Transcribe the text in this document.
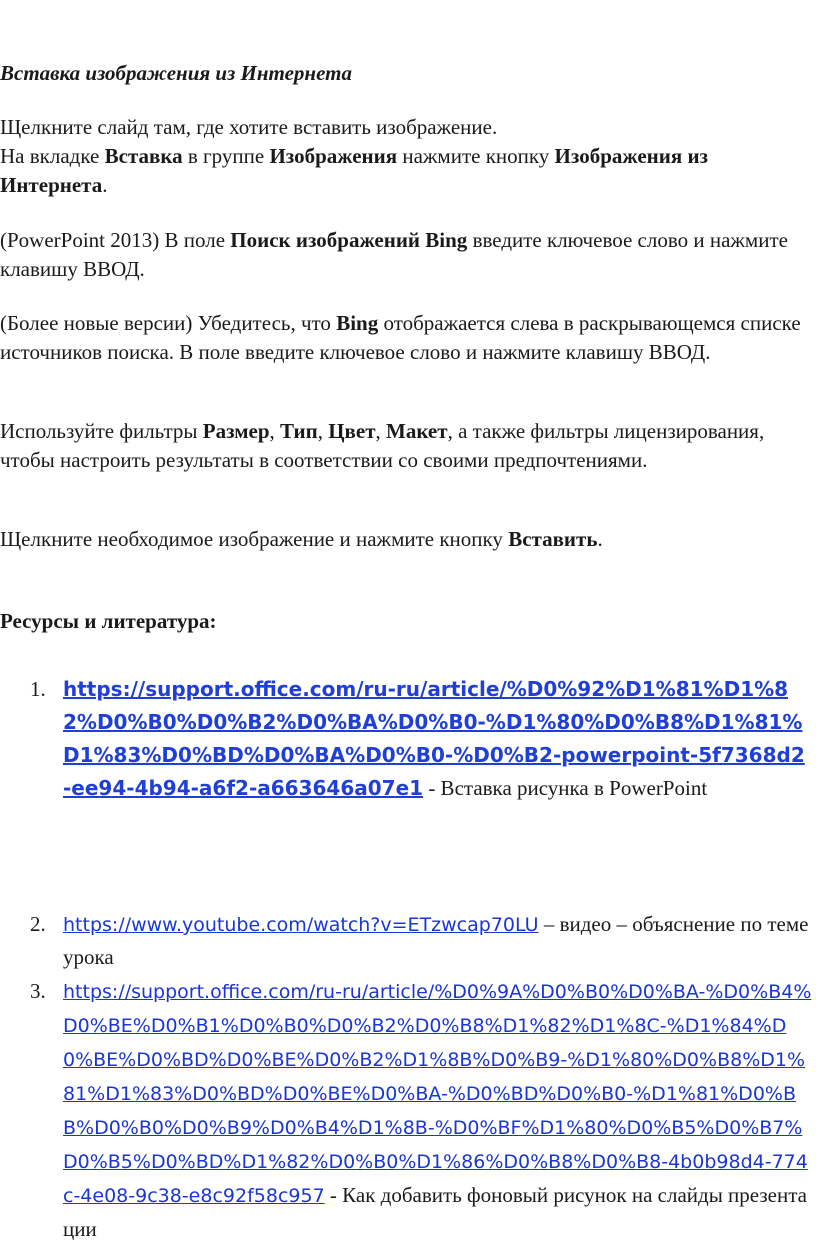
Вставка изображения из Интернета
Щелкните слайд там, где хотите вставить изображение.
На вкладке Вставка в группе Изображения нажмите кнопку Изображения из Интернета.
(PowerPoint 2013) В поле Поиск изображений Bing введите ключевое слово и нажмите клавишу ВВОД.
(Более новые версии) Убедитесь, что Bing отображается слева в раскрывающемся списке источников поиска. В поле введите ключевое слово и нажмите клавишу ВВОД.
Используйте фильтры Размер, Тип, Цвет, Макет, а также фильтры лицензирования, чтобы настроить результаты в соответствии со своими предпочтениями.
Щелкните необходимое изображение и нажмите кнопку Вставить.
Ресурсы и литература:
1. https://support.office.com/ru-ru/article/%D0%92%D1%81%D1%82%D0%B0%D0%B2%D0%BA%D0%B0-%D1%80%D0%B8%D1%81%D1%83%D0%BD%D0%BA%D0%B0-%D0%B2-powerpoint-5f7368d2-ee94-4b94-a6f2-a663646a07e1 - Вставка рисунка в PowerPoint
2. https://www.youtube.com/watch?v=ETzwcap70LU – видео – объяснение по теме урока
3. https://support.office.com/ru-ru/article/%D0%9A%D0%B0%D0%BA-%D0%B4%D0%BE%D0%B1%D0%B0%D0%B2%D0%B8%D1%82%D1%8C-%D1%84%D0%BE%D0%BD%D0%BE%D0%B2%D1%8B%D0%B9-%D1%80%D0%B8%D1%81%D1%83%D0%BD%D0%BE%D0%BA-%D0%BD%D0%B0-%D1%81%D0%BB%D0%B0%D0%B9%D0%B4%D1%8B-%D0%BF%D1%80%D0%B5%D0%B7%D0%B5%D0%BD%D1%82%D0%B0%D1%86%D0%B8%D0%B8-4b0b98d4-774c-4e08-9c38-e8c92f58c957 - Как добавить фоновый рисунок на слайды презентации
